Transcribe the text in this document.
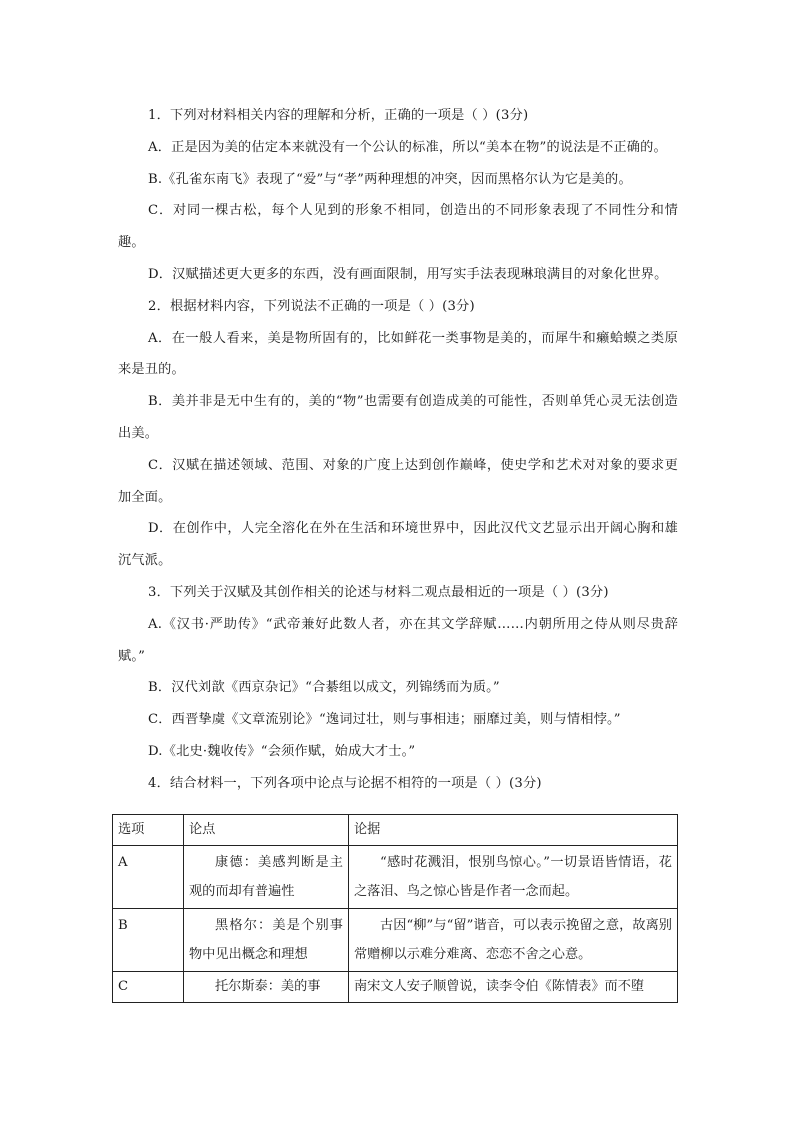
1．下列对材料相关内容的理解和分析，正确的一项是（ ）(3分)

A．正是因为美的估定本来就没有一个公认的标准，所以“美本在物”的说法是不正确的。

B.《孔雀东南飞》表现了“爱”与“孝”两种理想的冲突，因而黑格尔认为它是美的。

C．对同一棵古松，每个人见到的形象不相同，创造出的不同形象表现了不同性分和情趣。

D．汉赋描述更大更多的东西，没有画面限制，用写实手法表现琳琅满目的对象化世界。

2．根据材料内容，下列说法不正确的一项是（ ）(3分)

A．在一般人看来，美是物所固有的，比如鲜花一类事物是美的，而犀牛和癞蛤蟆之类原来是丑的。

B．美并非是无中生有的，美的“物”也需要有创造成美的可能性，否则单凭心灵无法创造出美。

C．汉赋在描述领域、范围、对象的广度上达到创作巅峰，使史学和艺术对对象的要求更加全面。

D．在创作中，人完全溶化在外在生活和环境世界中，因此汉代文艺显示出开阔心胸和雄沉气派。

3．下列关于汉赋及其创作相关的论述与材料二观点最相近的一项是（ ）(3分)

A.《汉书·严助传》“武帝兼好此数人者，亦在其文学辞赋……内朝所用之侍从则尽贵辞赋。”

B．汉代刘歆《西京杂记》“合綦组以成文，列锦绣而为质。”

C．西晋挚虞《文章流别论》“逸词过壮，则与事相违；丽靡过美，则与情相悖。”

D.《北史·魏收传》“会须作赋，始成大才士。”

4．结合材料一，下列各项中论点与论据不相符的一项是（ ）(3分)

选项	论点	论据
A	康德：美感判断是主观的而却有普遍性	“感时花溅泪，恨别鸟惊心。”一切景语皆情语，花之落泪、鸟之惊心皆是作者一念而起。

B	黑格尔：美是个别事物中见出概念和理想	古因“柳”与“留”谐音，可以表示挽留之意，故离别常赠柳以示难分难离、恋恋不舍之心意。

C	托尔斯泰：美的事	南宋文人安子顺曾说，读李令伯《陈情表》而不堕
